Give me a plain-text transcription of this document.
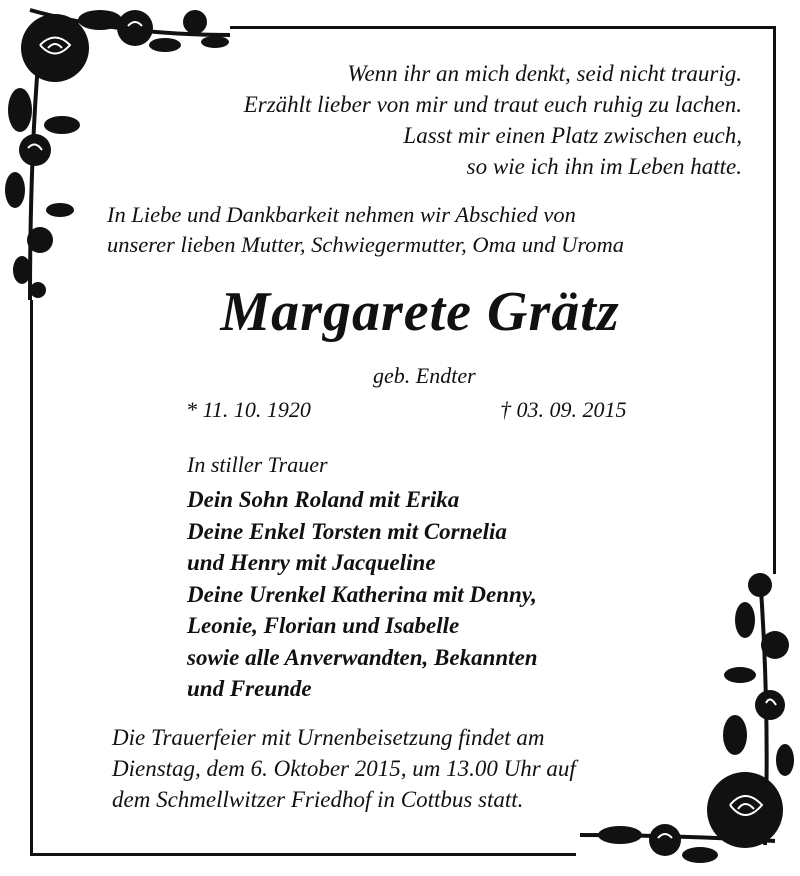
Wenn ihr an mich denkt, seid nicht traurig.
Erzählt lieber von mir und traut euch ruhig zu lachen.
Lasst mir einen Platz zwischen euch,
so wie ich ihn im Leben hatte.
In Liebe und Dankbarkeit nehmen wir Abschied von
unserer lieben Mutter, Schwiegermutter, Oma und Uroma
Margarete Grätz
geb. Endter
* 11. 10. 1920	† 03. 09. 2015
In stiller Trauer
Dein Sohn Roland mit Erika
Deine Enkel Torsten mit Cornelia
und Henry mit Jacqueline
Deine Urenkel Katherina mit Denny,
Leonie, Florian und Isabelle
sowie alle Anverwandten, Bekannten
und Freunde
Die Trauerfeier mit Urnenbeisetzung findet am
Dienstag, dem 6. Oktober 2015, um 13.00 Uhr auf
dem Schmellwitzer Friedhof in Cottbus statt.
